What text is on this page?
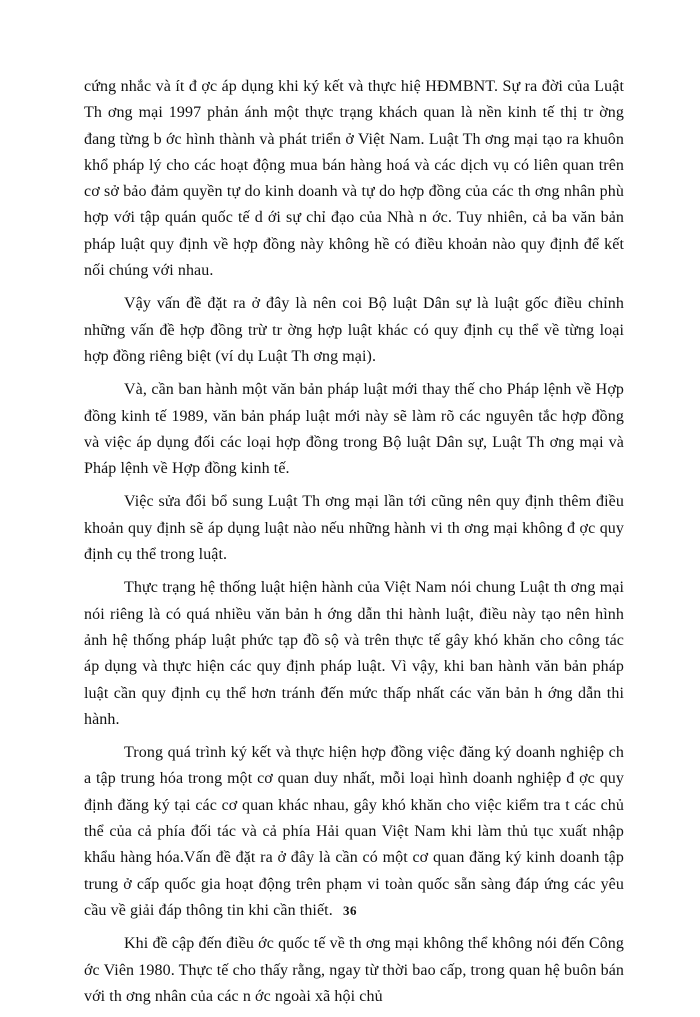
cứng nhắc và ít đ ợc áp dụng khi ký kết và thực hiệ HĐMBNT. Sự ra đời của Luật Th ơng mại 1997 phản ánh một thực trạng khách quan là nền kinh tế thị tr ờng đang từng b ớc hình thành và phát triển ở Việt Nam. Luật Th ơng mại tạo ra khuôn khổ pháp lý cho các hoạt động mua bán hàng hoá và các dịch vụ có liên quan trên cơ sở bảo đảm quyền tự do kinh doanh và tự do hợp đồng của các th ơng nhân phù hợp với tập quán quốc tế d ới sự chỉ đạo của Nhà n ớc. Tuy nhiên, cả ba văn bản pháp luật quy định về hợp đồng này không hề có điều khoản nào quy định để kết nối chúng với nhau.

Vậy vấn đề đặt ra ở đây là nên coi Bộ luật Dân sự là luật gốc điều chỉnh những vấn đề hợp đồng trừ tr ờng hợp luật khác có quy định cụ thể về từng loại hợp đồng riêng biệt (ví dụ Luật Th ơng mại).

Và, cần ban hành một văn bản pháp luật mới thay thế cho Pháp lệnh về Hợp đồng kinh tế 1989, văn bản pháp luật mới này sẽ làm rõ các nguyên tắc hợp đồng và việc áp dụng đối các loại hợp đồng trong Bộ luật Dân sự, Luật Th ơng mại và Pháp lệnh về Hợp đồng kinh tế.

Việc sửa đổi bổ sung Luật Th ơng mại lần tới cũng nên quy định thêm điều khoản quy định sẽ áp dụng luật nào nếu những hành vi th ơng mại không đ ợc quy định cụ thể trong luật.

Thực trạng hệ thống luật hiện hành của Việt Nam nói chung Luật th ơng mại nói riêng là có quá nhiều văn bản h ớng dẫn thi hành luật, điều này tạo nên hình ảnh hệ thống pháp luật phức tạp đồ sộ và trên thực tế gây khó khăn cho công tác áp dụng và thực hiện các quy định pháp luật. Vì vậy, khi ban hành văn bản pháp luật cần quy định cụ thể hơn tránh đến mức thấp nhất các văn bản h ớng dẫn thi hành.

Trong quá trình ký kết và thực hiện hợp đồng việc đăng ký doanh nghiệp ch a tập trung hóa trong một cơ quan duy nhất, mỗi loại hình doanh nghiệp đ ợc quy định đăng ký tại các cơ quan khác nhau, gây khó khăn cho việc kiểm tra t các chủ thể của cả phía đối tác và cả phía Hải quan Việt Nam khi làm thủ tục xuất nhập khẩu hàng hóa.Vấn đề đặt ra ở đây là cần có một cơ quan đăng ký kinh doanh tập trung ở cấp quốc gia hoạt động trên phạm vi toàn quốc sẵn sàng đáp ứng các yêu cầu về giải đáp thông tin khi cần thiết.

Khi đề cập đến điều ớc quốc tế về th ơng mại không thể không nói đến Công ớc Viên 1980. Thực tế cho thấy rằng, ngay từ thời bao cấp, trong quan hệ buôn bán với th ơng nhân của các n ớc ngoài xã hội chủ

36
